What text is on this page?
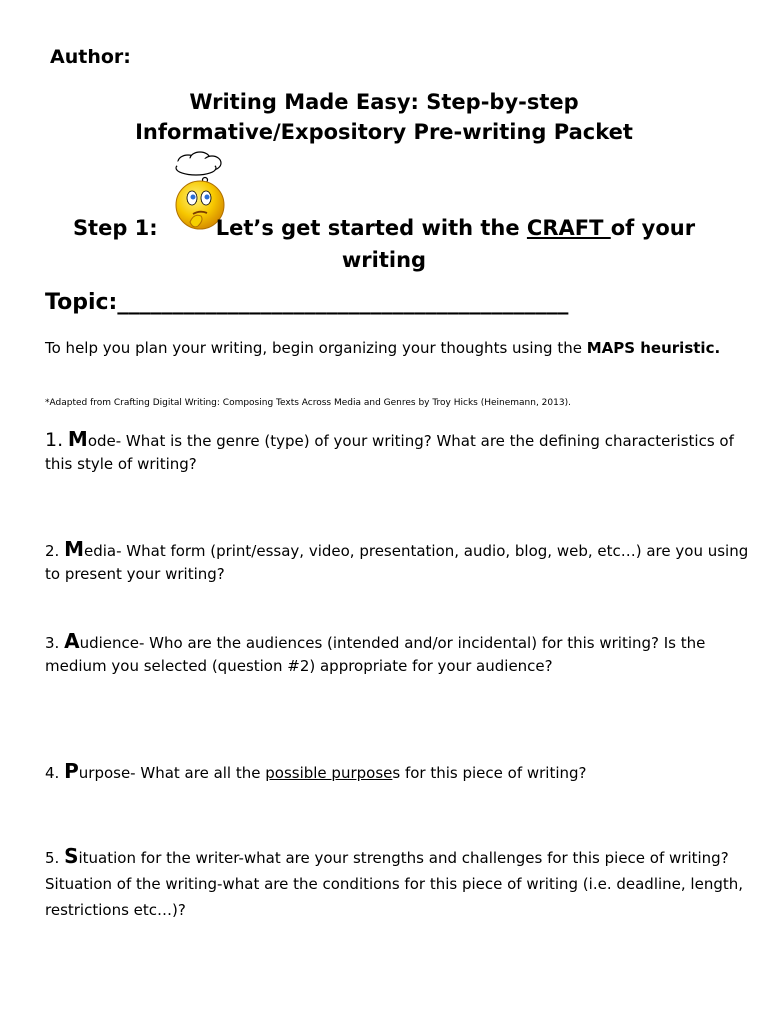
Author:
Writing Made Easy: Step-by-step
Informative/Expository Pre-writing Packet
Step 1:	Let’s get started with the CRAFT of your
writing
Topic:_________________________________________
To help you plan your writing, begin organizing your thoughts using the MAPS heuristic.
*Adapted from Crafting Digital Writing: Composing Texts Across Media and Genres by Troy Hicks (Heinemann, 2013).
1. Mode- What is the genre (type) of your writing? What are the defining characteristics of this style of writing?
2. Media- What form (print/essay, video, presentation, audio, blog, web, etc…) are you using to present your writing?
3. Audience- Who are the audiences (intended and/or incidental) for this writing? Is the medium you selected (question #2) appropriate for your audience?
4. Purpose- What are all the possible purposes for this piece of writing?
5. Situation for the writer-what are your strengths and challenges for this piece of writing? Situation of the writing-what are the conditions for this piece of writing (i.e. deadline, length, restrictions etc…)?
